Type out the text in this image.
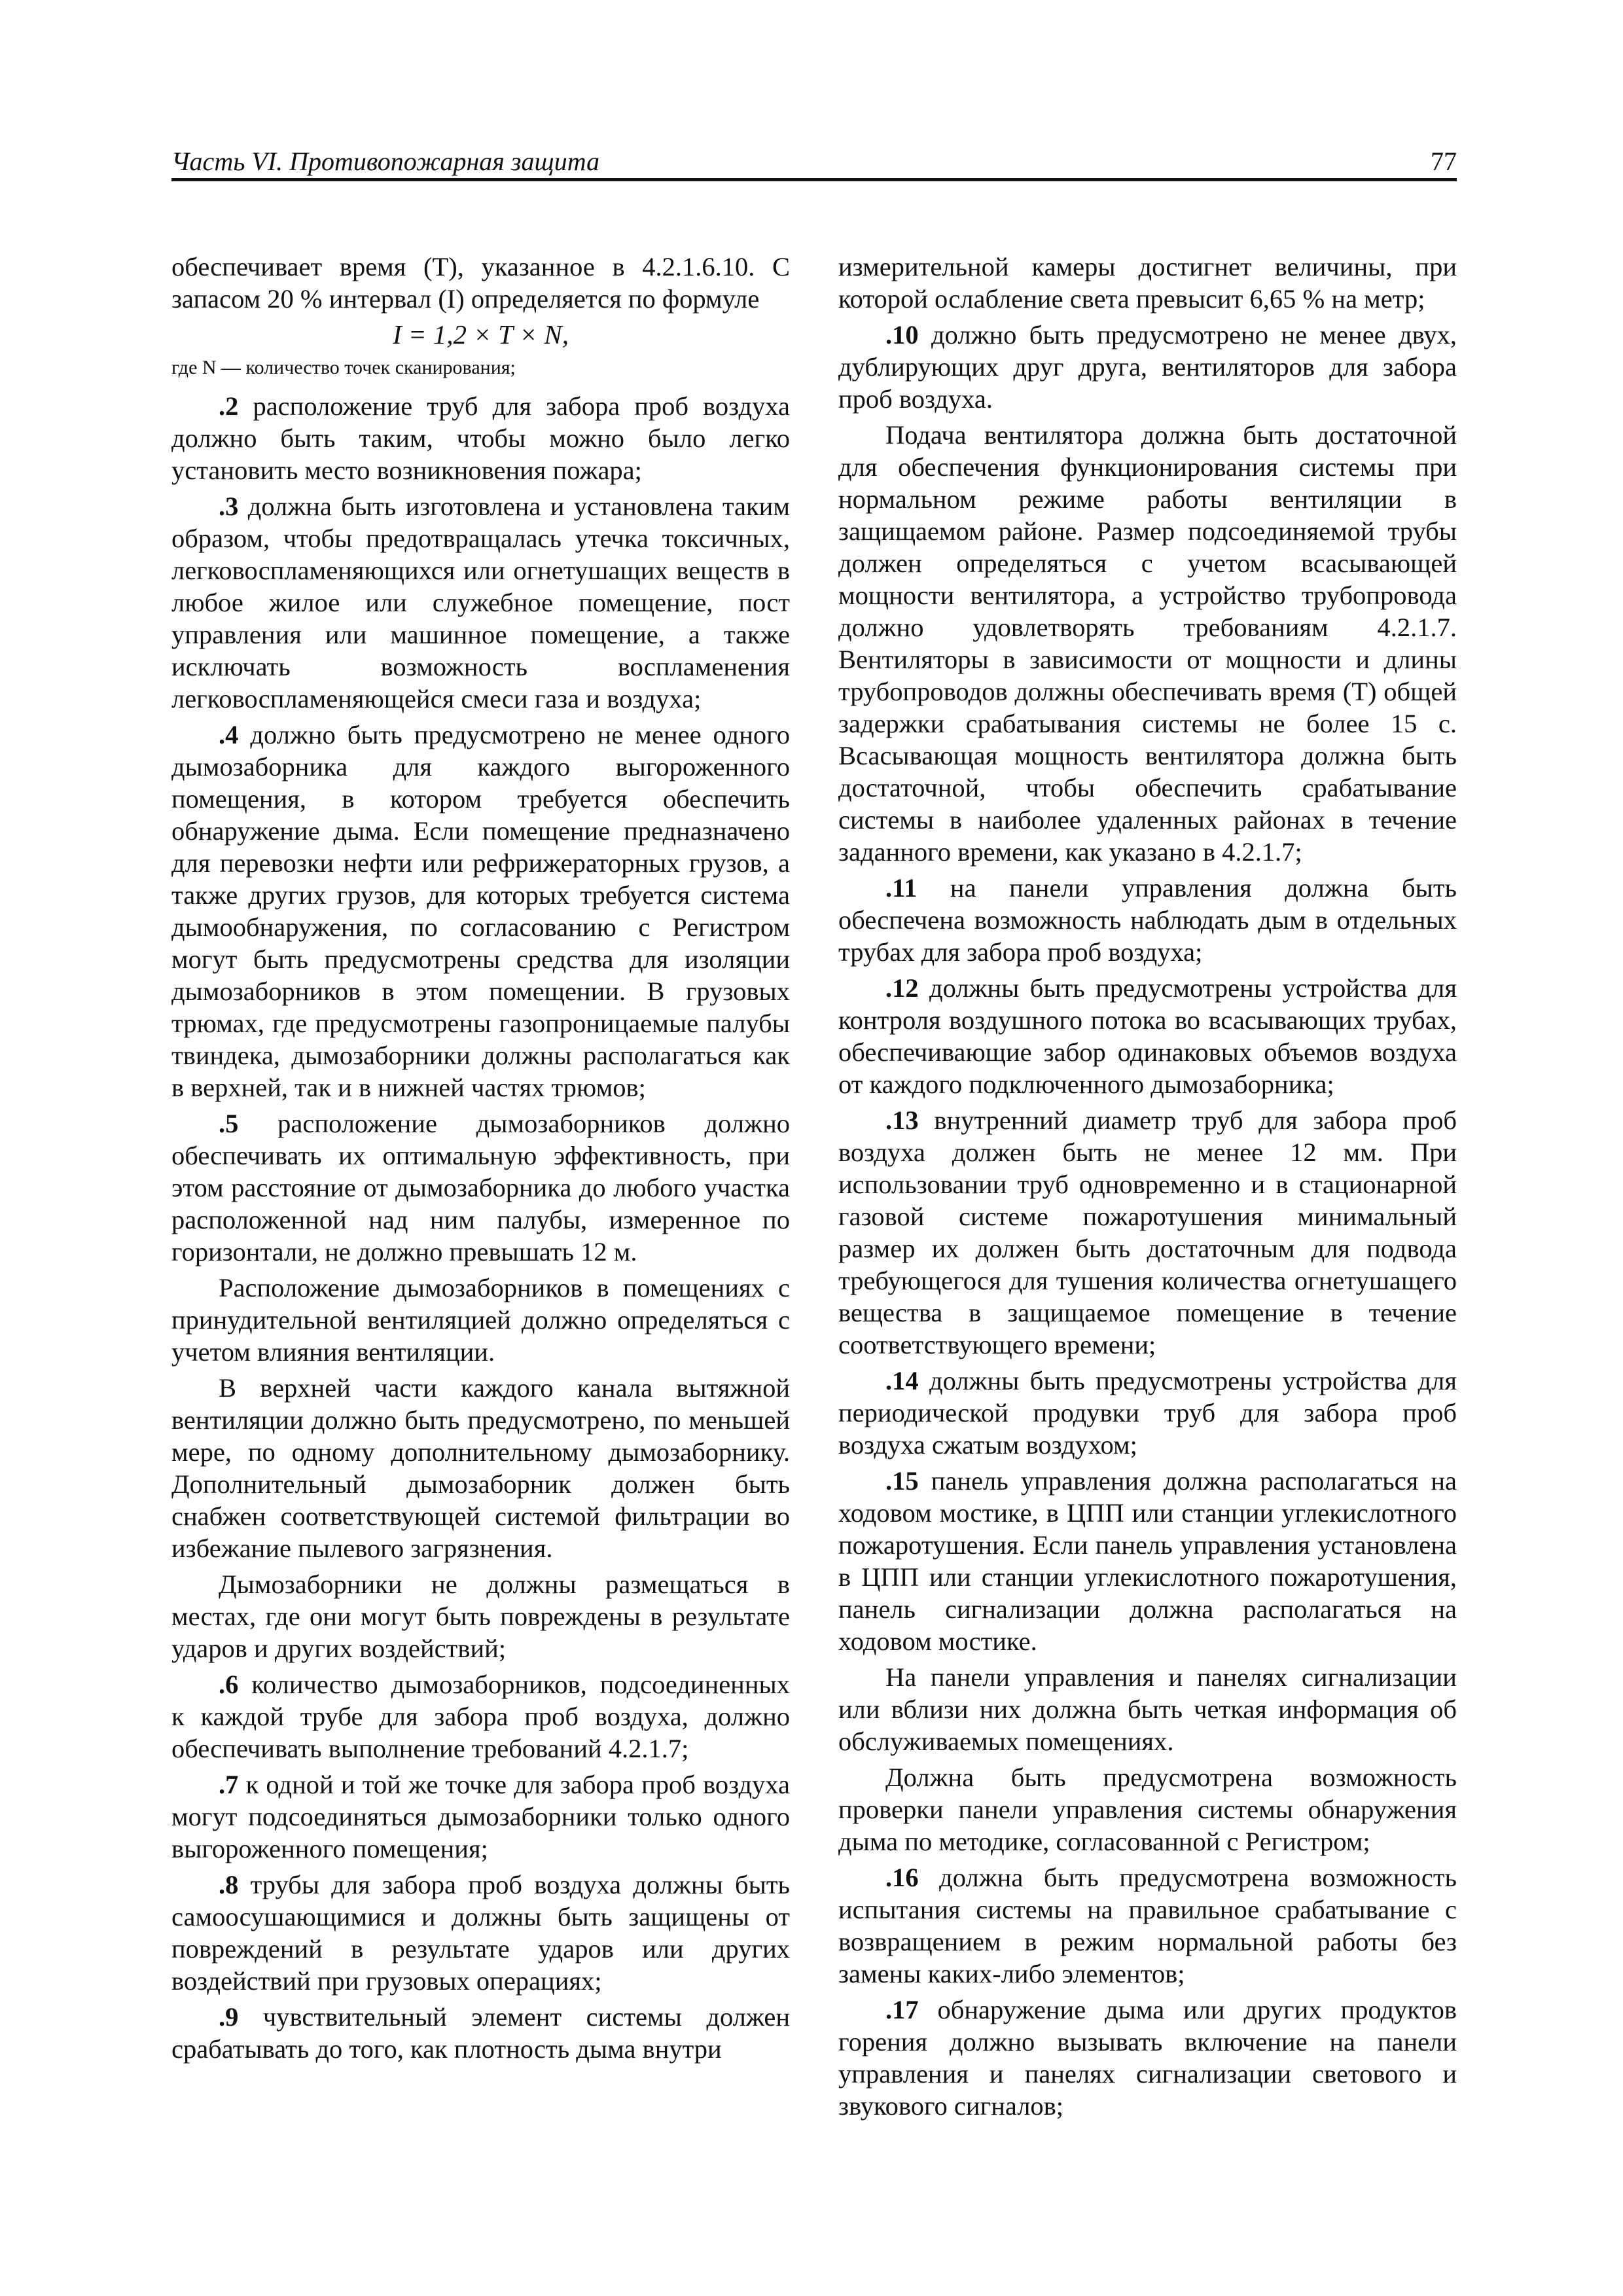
Часть VI. Противопожарная защита	77

обеспечивает время (T), указанное в 4.2.1.6.10. С запасом 20 % интервал (I) определяется по формуле

I = 1,2 × T × N,

где N — количество точек сканирования;

.2 расположение труб для забора проб воздуха должно быть таким, чтобы можно было легко установить место возникновения пожара;

.3 должна быть изготовлена и установлена таким образом, чтобы предотвращалась утечка токсичных, легковоспламеняющихся или огнетушащих веществ в любое жилое или служебное помещение, пост управления или машинное помещение, а также исключать возможность воспламенения легковоспламеняющейся смеси газа и воздуха;

.4 должно быть предусмотрено не менее одного дымозаборника для каждого выгороженного помещения, в котором требуется обеспечить обнаружение дыма. Если помещение предназначено для перевозки нефти или рефрижераторных грузов, а также других грузов, для которых требуется система дымообнаружения, по согласованию с Регистром могут быть предусмотрены средства для изоляции дымозаборников в этом помещении. В грузовых трюмах, где предусмотрены газопроницаемые палубы твиндека, дымозаборники должны располагаться как в верхней, так и в нижней частях трюмов;

.5 расположение дымозаборников должно обеспечивать их оптимальную эффективность, при этом расстояние от дымозаборника до любого участка расположенной над ним палубы, измеренное по горизонтали, не должно превышать 12 м.

Расположение дымозаборников в помещениях с принудительной вентиляцией должно определяться с учетом влияния вентиляции.

В верхней части каждого канала вытяжной вентиляции должно быть предусмотрено, по меньшей мере, по одному дополнительному дымозаборнику. Дополнительный дымозаборник должен быть снабжен соответствующей системой фильтрации во избежание пылевого загрязнения.

Дымозаборники не должны размещаться в местах, где они могут быть повреждены в результате ударов и других воздействий;

.6 количество дымозаборников, подсоединенных к каждой трубе для забора проб воздуха, должно обеспечивать выполнение требований 4.2.1.7;

.7 к одной и той же точке для забора проб воздуха могут подсоединяться дымозаборники только одного выгороженного помещения;

.8 трубы для забора проб воздуха должны быть самоосушающимися и должны быть защищены от повреждений в результате ударов или других воздействий при грузовых операциях;

.9 чувствительный элемент системы должен срабатывать до того, как плотность дыма внутри

измерительной камеры достигнет величины, при которой ослабление света превысит 6,65 % на метр;

.10 должно быть предусмотрено не менее двух, дублирующих друг друга, вентиляторов для забора проб воздуха.

Подача вентилятора должна быть достаточной для обеспечения функционирования системы при нормальном режиме работы вентиляции в защищаемом районе. Размер подсоединяемой трубы должен определяться с учетом всасывающей мощности вентилятора, а устройство трубопровода должно удовлетворять требованиям 4.2.1.7. Вентиляторы в зависимости от мощности и длины трубопроводов должны обеспечивать время (T) общей задержки срабатывания системы не более 15 с. Всасывающая мощность вентилятора должна быть достаточной, чтобы обеспечить срабатывание системы в наиболее удаленных районах в течение заданного времени, как указано в 4.2.1.7;

.11 на панели управления должна быть обеспечена возможность наблюдать дым в отдельных трубах для забора проб воздуха;

.12 должны быть предусмотрены устройства для контроля воздушного потока во всасывающих трубах, обеспечивающие забор одинаковых объемов воздуха от каждого подключенного дымозаборника;

.13 внутренний диаметр труб для забора проб воздуха должен быть не менее 12 мм. При использовании труб одновременно и в стационарной газовой системе пожаротушения минимальный размер их должен быть достаточным для подвода требующегося для тушения количества огнетушащего вещества в защищаемое помещение в течение соответствующего времени;

.14 должны быть предусмотрены устройства для периодической продувки труб для забора проб воздуха сжатым воздухом;

.15 панель управления должна располагаться на ходовом мостике, в ЦПП или станции углекислотного пожаротушения. Если панель управления установлена в ЦПП или станции углекислотного пожаротушения, панель сигнализации должна располагаться на ходовом мостике.

На панели управления и панелях сигнализации или вблизи них должна быть четкая информация об обслуживаемых помещениях.

Должна быть предусмотрена возможность проверки панели управления системы обнаружения дыма по методике, согласованной с Регистром;

.16 должна быть предусмотрена возможность испытания системы на правильное срабатывание с возвращением в режим нормальной работы без замены каких-либо элементов;

.17 обнаружение дыма или других продуктов горения должно вызывать включение на панели управления и панелях сигнализации светового и звукового сигналов;
